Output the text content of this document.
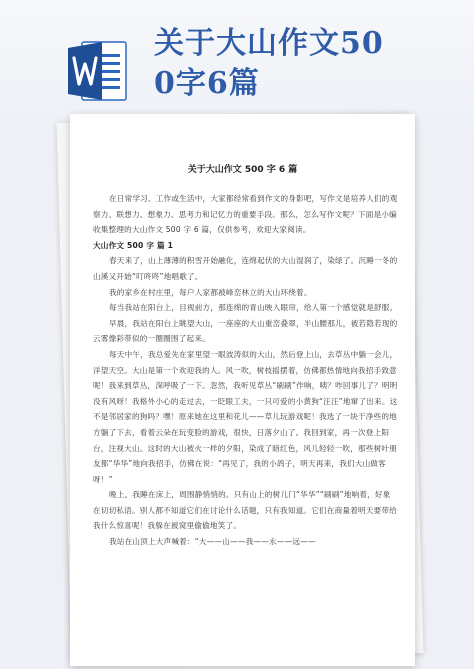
关于大山作文50
0字6篇
关于大山作文 500 字 6 篇

在日常学习、工作或生活中，大家都经常看到作文的身影吧，写作文是培养人们的观察力、联想力、想象力、思考力和记忆力的重要手段。那么，怎么写作文呢？下面是小编收集整理的大山作文 500 字 6 篇，仅供参考，欢迎大家阅读。

大山作文 500 字 篇 1

春天来了，山上薄薄的积雪开始融化，连绵起伏的大山湿润了，染绿了。沉睡一冬的山溪又开始“叮咚咚”地唱歌了。

我的家乡在村庄里，每户人家都被峰峦林立的大山环绕着。

每当我站在阳台上，目视前方，那连绵的青山映入眼帘，给人第一个感觉就是舒服。

早晨，我站在阳台上眺望大山，一座座的大山重峦叠翠，半山腰那儿，被若隐若现的云雾像彩带似的一圈圈围了起来。

每天中午，我总爱先在家里望一眼波涛似的大山，然后登上山，去草丛中躺一会儿，洋望天空。大山是第一个欢迎我的人。风一吹，树枝摇摆着，仿佛都热情地向我招手致意呢！我来到草丛，深呼吸了一下。忽然，我听见草丛“刷刷”作响，咦？咋回事儿了？明明没有风呀！我格外小心的走过去，一眨眼工夫，一只可爱的小黄狗“汪汪”地窜了出来。这不是邻居家的狗吗？嘿！原来她在这里和花儿——草儿玩游戏呢！我选了一块干净些的地方躺了下去，看着云朵在玩变脸的游戏，很快，日落夕山了。我回到家，再一次登上阳台，注视大山。这时的大山被火一样的夕阳，染成了暗红色，风儿轻轻一吹，那些树叶朋友都“华华”地向我招手，仿佛在说：“再见了，我的小鸽子，明天再来，我们大山做客呀！”

晚上，我睡在床上，周围静悄悄的。只有山上的树儿门“华华”“刷刷”地响着，好象在切切私语。别人都不知道它们在讨论什么话题，只有我知道。它们在商量着明天要带给我什么惊喜呢！我躲在被窝里偷偷地笑了。

我站在山顶上大声喊着：“大——山——我——永——远——
